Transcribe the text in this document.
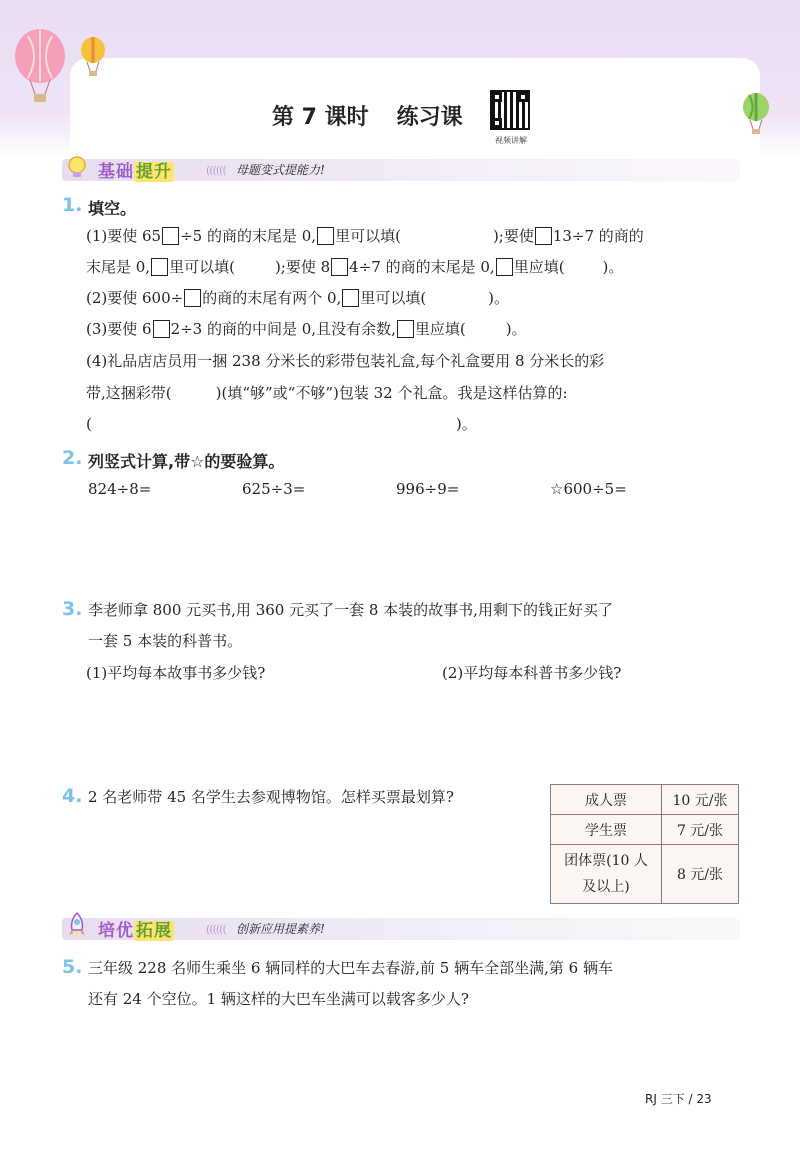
第 7 课时 练习课
视频讲解
基础 提升	(((((( 母题变式提能力!
1. 填空。
(1)要使 65 ÷5 的商的末尾是 0, 里可以填(	);要使 13÷7 的商的
末尾是 0, 里可以填(	);要使 8 4÷7 的商的末尾是 0, 里应填(	)。
(2)要使 600÷ 的商的末尾有两个 0, 里可以填(	)。
(3)要使 6 2÷3 的商的中间是 0,且没有余数, 里应填(	)。
(4)礼品店店员用一捆 238 分米长的彩带包装礼盒,每个礼盒要用 8 分米长的彩
带,这捆彩带(	)(填“够”或“不够”)包装 32 个礼盒。我是这样估算的:
(	)。
2. 列竖式计算,带☆的要验算。
824÷8=	625÷3=	996÷9=	☆600÷5=
3. 李老师拿 800 元买书,用 360 元买了一套 8 本装的故事书,用剩下的钱正好买了
一套 5 本装的科普书。
(1)平均每本故事书多少钱?	(2)平均每本科普书多少钱?
4. 2 名老师带 45 名学生去参观博物馆。怎样买票最划算?	成人票	10 元/张
学生票	7 元/张

团体票(10 人
及以上)	8 元/张
培优 拓展	(((((( 创新应用提素养!
5. 三年级 228 名师生乘坐 6 辆同样的大巴车去春游,前 5 辆车全部坐满,第 6 辆车
还有 24 个空位。1 辆这样的大巴车坐满可以载客多少人?
RJ 三下 / 23
